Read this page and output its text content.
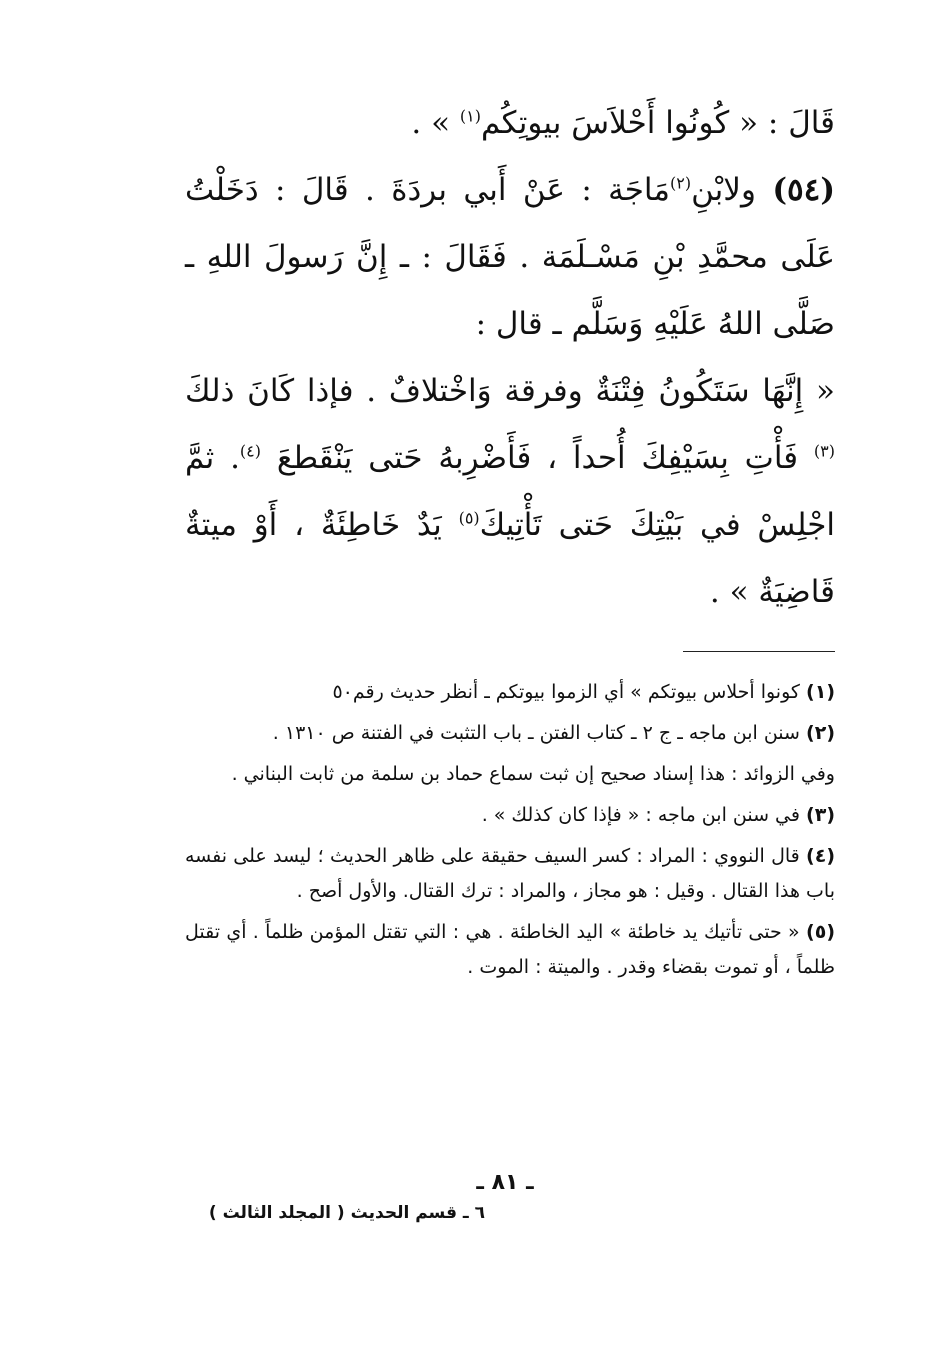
قَالَ : « كُونُوا أَحْلاَسَ بيوتِكُم$^{(١)}$ » .

(٥٤) ولابْنِ$^{(٢)}$مَاجَة : عَنْ أَبي بردَةَ . قَالَ : دَخَلْتُ عَلَى محمَّدِ بْنِ مَسْـلَمَة . فَقَالَ : ـ إِنَّ رَسولَ اللهِ ـ صَلَّى اللهُ عَلَيْهِ وَسَلَّم ـ قال :

« إِنَّهَا سَتَكُونُ فِتْنَةٌ وفرقة وَاخْتلافٌ . فإذا كَانَ ذلكَ $^{(٣)}$ فَأْتِ بِسَيْفِكَ أُحداً ، فَأَضْرِبهُ حَتى يَنْقَطعَ $^{(٤)}$. ثمَّ اجْلِسْ في بَيْتِكَ حَتى تَأْتِيكَ$^{(٥)}$ يَدٌ خَاطِئَةٌ ، أَوْ ميتةٌ قَاضِيَةٌ » .

(١) كونوا أحلاس بيوتكم » أي الزموا بيوتكم ـ أنظر حديث رقم٥٠

(٢) سنن ابن ماجه ـ ج ٢ ـ كتاب الفتن ـ باب التثبت في الفتنة ص ١٣١٠ .

وفي الزوائد : هذا إسناد صحيح إن ثبت سماع حماد بن سلمة من ثابت البناني .

(٣) في سنن ابن ماجه : « فإذا كان كذلك » .

(٤) قال النووي : المراد : كسر السيف حقيقة على ظاهر الحديث ؛ ليسد على نفسه باب هذا القتال . وقيل : هو مجاز ، والمراد : ترك القتال. والأول أصح .

(٥) « حتى تأتيك يد خاطئة » اليد الخاطئة . هي : التي تقتل المؤمن ظلماً . أي تقتل ظلماً ، أو تموت بقضاء وقدر . والميتة : الموت .

ـ ٨١ ـ
٦ ـ قسم الحديث ( المجلد الثالث )
